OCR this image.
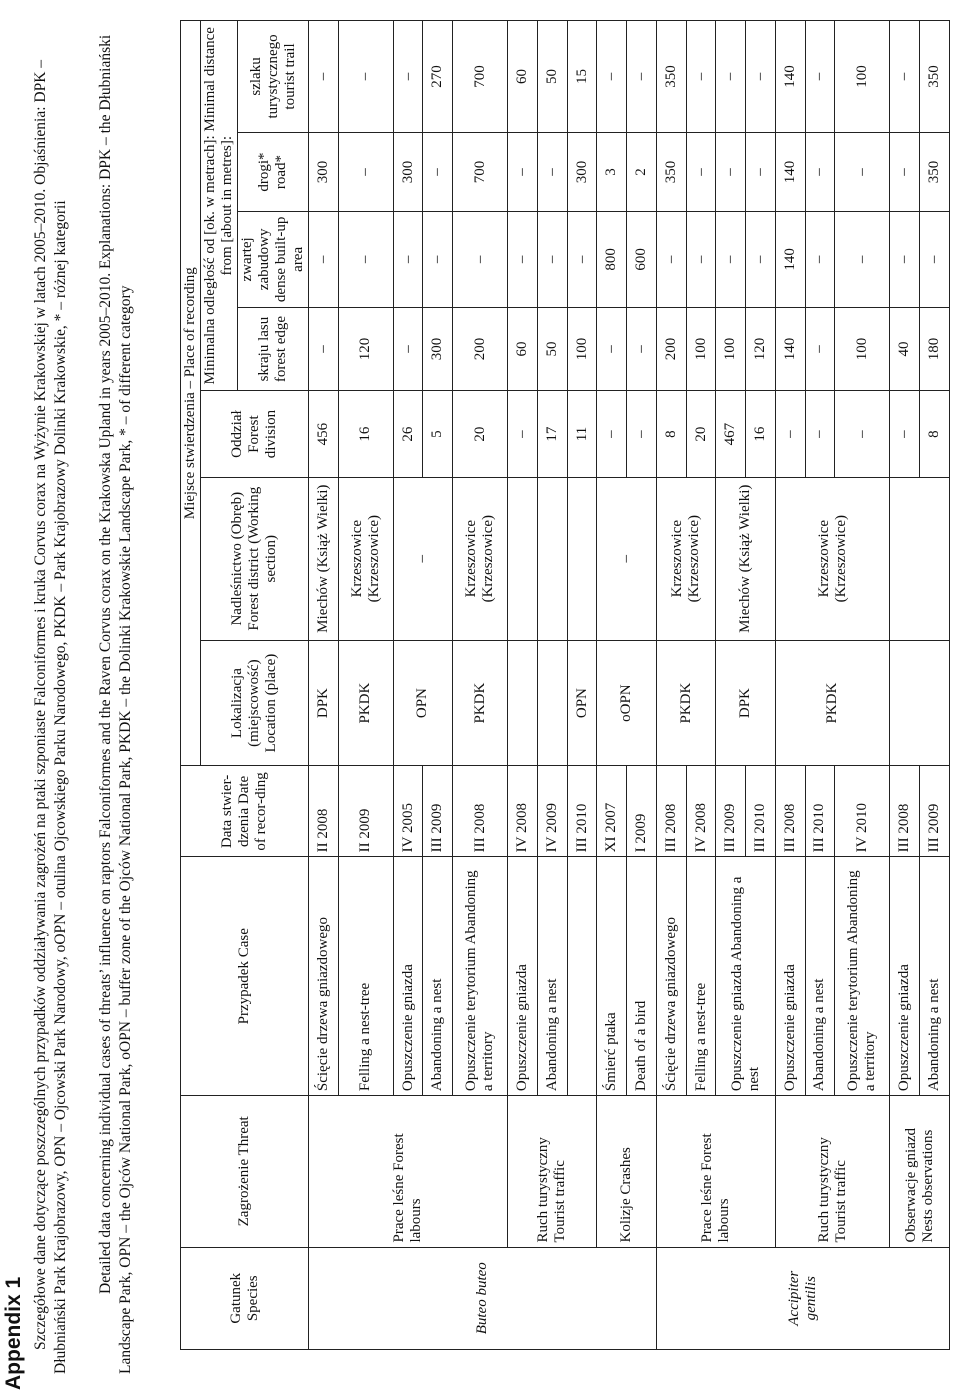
Appendix 1 Szczegółowe dane dotyczące poszczególnych przypadków oddziaływania zagrożeń na ptaki szponiaste Falconiformes i kruka Corvus corax na Wyżynie Krakowskiej w latach 2005–2010. Objaśnienia: DPK – Dłubniański Park Krajobrazowy, OPN – Ojcowski Park Narodowy, oOPN – otulina Ojcowskiego Parku Narodowego, PKDK – Park Krajobrazowy Dolinki Krakowskie, * – różnej kategorii Detailed data concerning individual cases of threats’ influence on raptors Falconiformes and the Raven Corvus corax on the Krakowska Upland in years 2005–2010. Explanations: DPK – the Dłubniański Landscape Park, OPN – the Ojców National Park, oOPN – buffer zone of the Ojców National Park, PKDK – the Dolinki Krakowskie Landscape Park, * – of different category	Gatunek Species	Zagrożenie Threat	Przypadek Case	Data stwier-dzenia Date of recor-ding	Miejsce stwierdzenia – Place of recording						
				Lokalizacja (miejscowość) Location (place)	Nadleśnictwo (Obręb) Forest district (Working section)	Oddział Forest division	Minimalna odległość od [ok. w metrach]: Minimal distance from [about in metres]:			
							skraju lasu forest edge	zwartej zabudowy dense built-up area	drogi* road*	szlaku turystycznego tourist trail
Buteo buteo	Prace leśne Forest labours	Ścięcie drzewa gniazdowego	II 2008	DPK	Miechów (Książ Wielki)	456	–	–	300	–
		Felling a nest-tree	II 2009	PKDK	Krzeszowice (Krzeszowice)	16	120	–	–	–
		Opuszczenie gniazda	IV 2005	OPN	–	26	–	–	300	–
		Abandoning a nest	III 2009			5	300	–	–	270
		Opuszczenie terytorium Abandoning a territory	III 2008	PKDK	Krzeszowice (Krzeszowice)	20	200	–	700	700
	Ruch turystyczny Tourist traffic	Opuszczenie gniazda	IV 2008			–	60	–	–	60
		Abandoning a nest	IV 2009			17	50	–	–	50
			III 2010	OPN		11	100	–	300	15
	Kolizje Crashes	Śmierć ptaka	XI 2007	oOPN	–	–	–	800	3	–
		Death of a bird	I 2009			–	–	600	2	–
Accipiter gentilis	Prace leśne Forest labours	Ścięcie drzewa gniazdowego	III 2008	PKDK	Krzeszowice (Krzeszowice)	8	200	–	350	350
		Felling a nest-tree	IV 2008			20	100	–	–	–
		Opuszczenie gniazda Abandoning a nest	III 2009	DPK	Miechów (Książ Wielki)	467	100	–	–	–
			III 2010			16	120	–	–	–
	Ruch turystyczny Tourist traffic	Opuszczenie gniazda	III 2008	PKDK	Krzeszowice (Krzeszowice)	–	140	140	140	140
		Abandoning a nest	III 2010			–	–	–	–	–
		Opuszczenie terytorium Abandoning a territory	IV 2010			–	100	–	–	100
	Obserwacje gniazd Nests observations	Opuszczenie gniazda	III 2008			–	40	–	–	–
		Abandoning a nest	III 2009			8	180	–	350	350
